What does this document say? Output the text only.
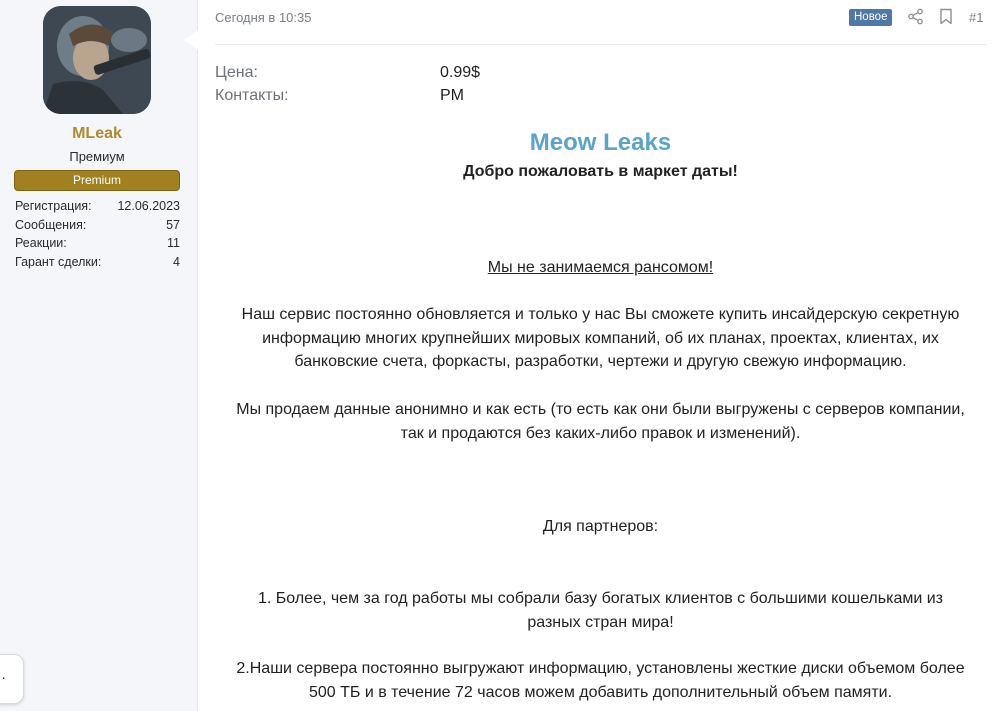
MLeak
Премиум
Premium
Регистрация: 12.06.2023
Сообщения:	57
Реакции:	11
Гарант сделки:	4
·
Сегодня в 10:35	Новое	#1
Цена:	0.99$
Контакты:	PM
Meow Leaks
Добро пожаловать в маркет даты!
Мы не занимаемся рансомом!
Наш сервис постоянно обновляется и только у нас Вы сможете купить инсайдерскую секретную
информацию многих крупнейших мировых компаний, об их планах, проектах, клиентах, их
банковские счета, форкасты, разработки, чертежи и другую свежую информацию.
Мы продаем данные анонимно и как есть (то есть как они были выгружены с серверов компании,
так и продаются без каких-либо правок и изменений).
Для партнеров:
1. Более, чем за год работы мы собрали базу богатых клиентов с большими кошельками из
разных стран мира!
2.Наши сервера постоянно выгружают информацию, установлены жесткие диски объемом более
500 ТБ и в течение 72 часов можем добавить дополнительный объем памяти.
